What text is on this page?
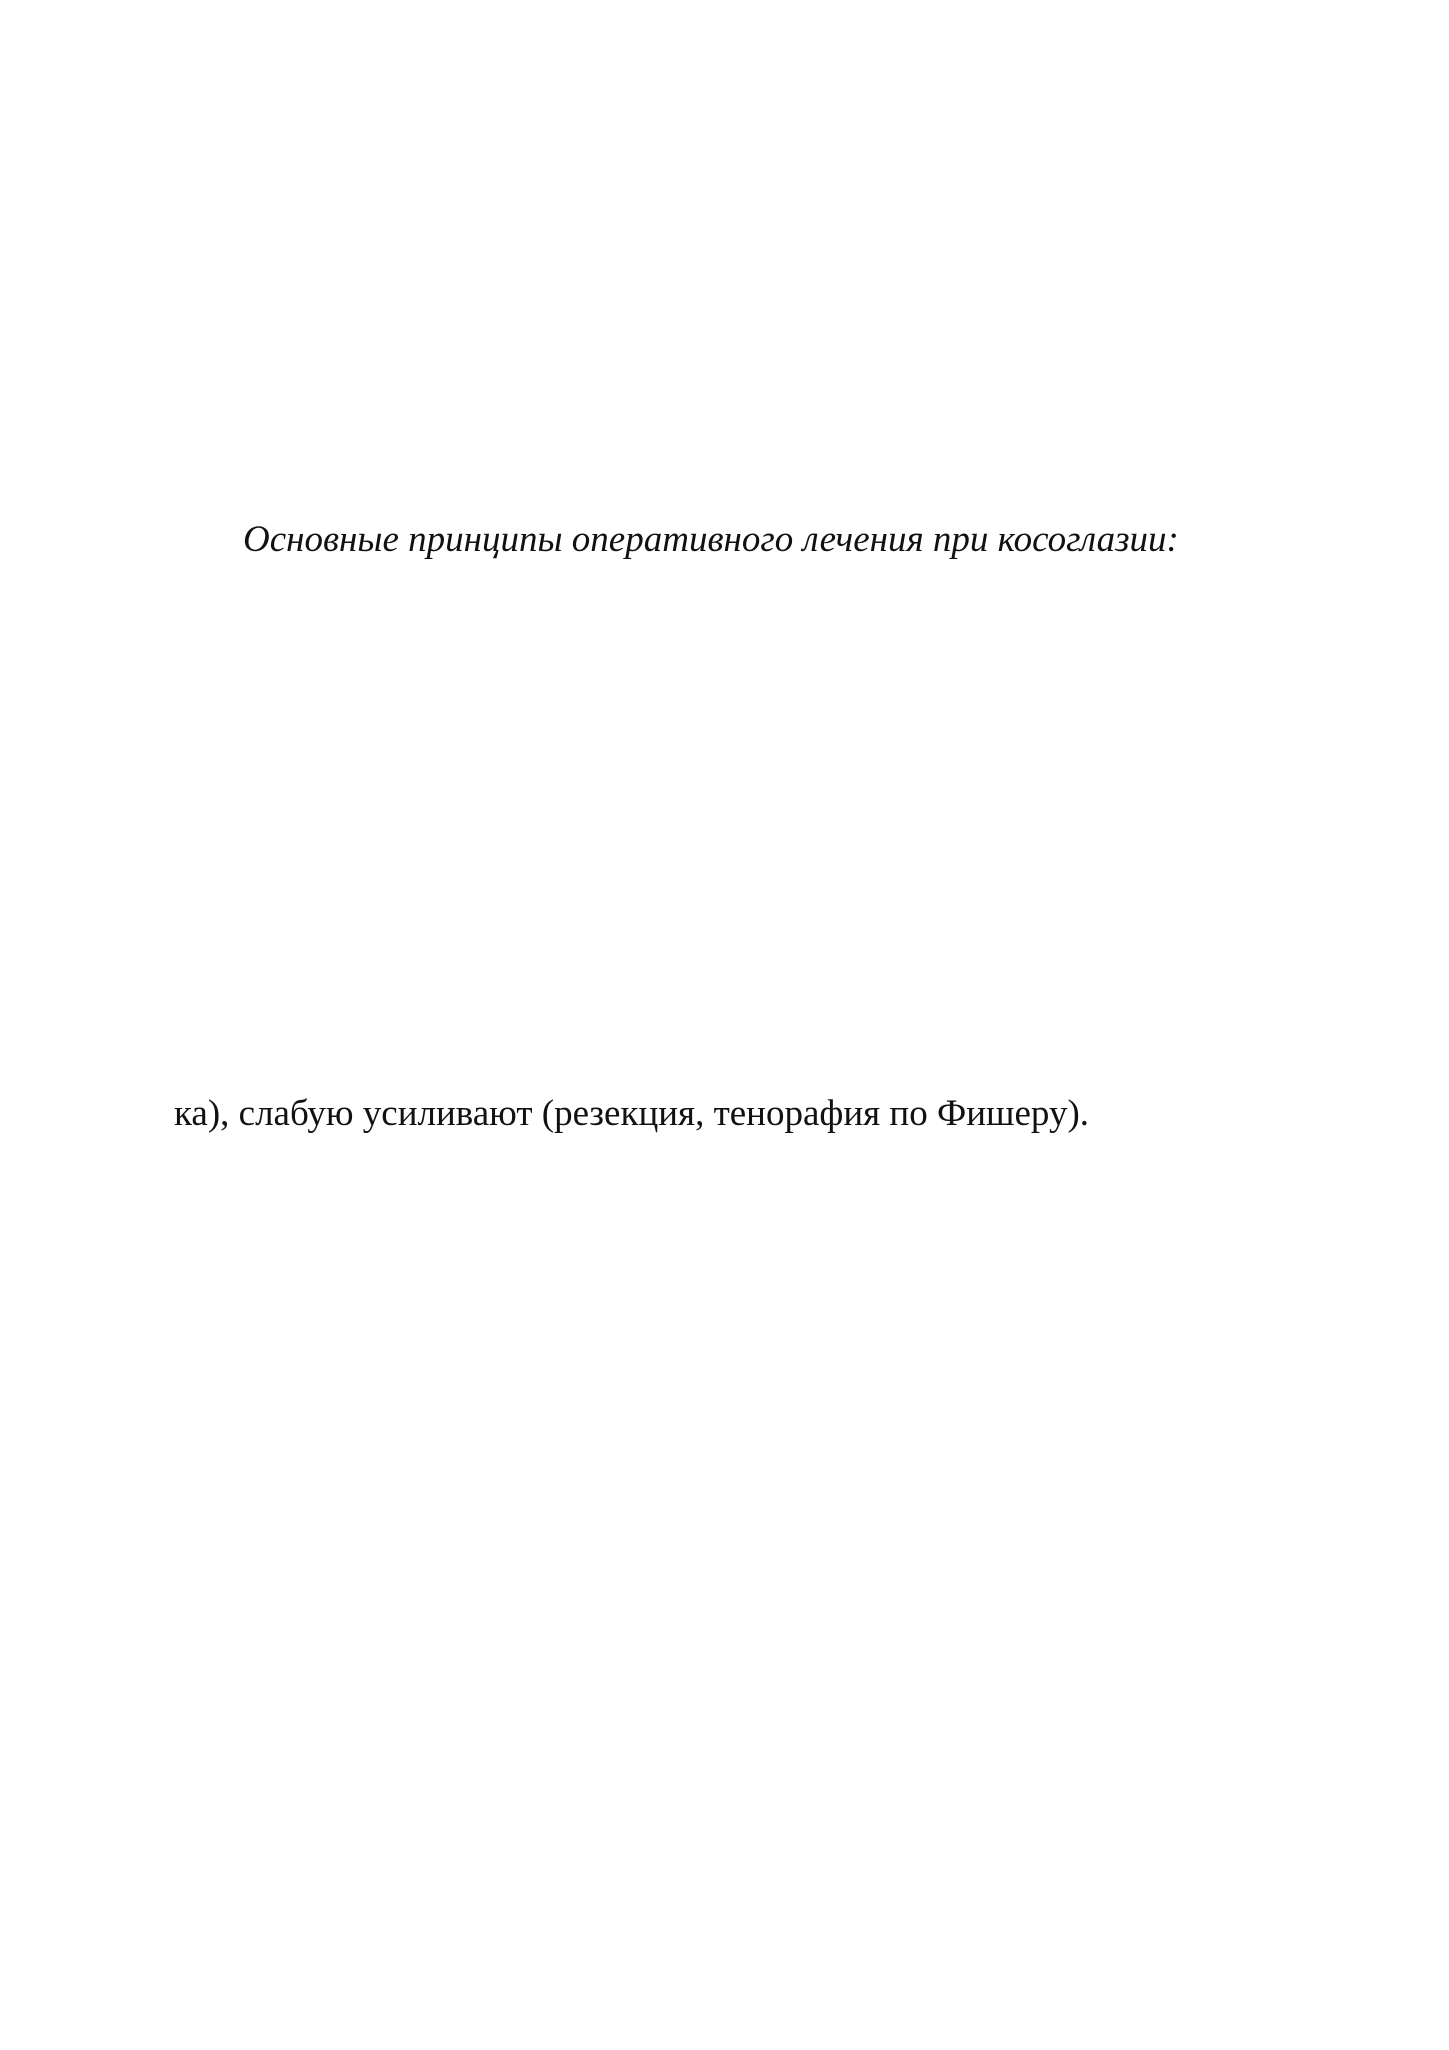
Основные принципы оперативного лечения при косоглазии:

ка), слабую усиливают (резекция, тенорафия по Фишеру).
